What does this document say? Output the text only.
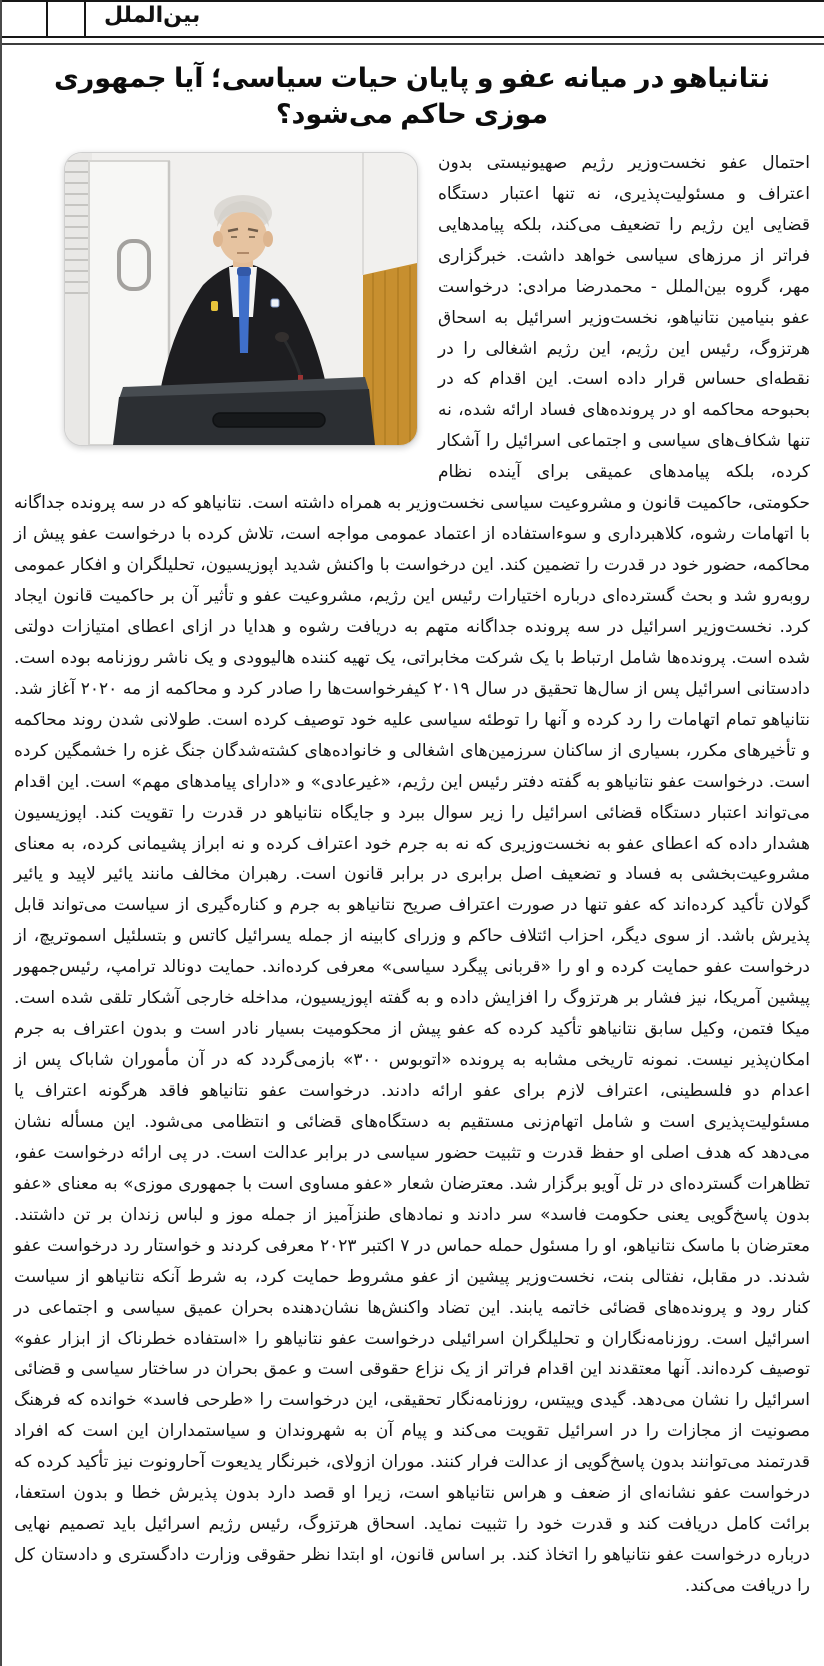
بین‌الملل
نتانیاهو در میانه عفو و پایان حیات سیاسی؛ آیا جمهوری موزی حاکم می‌شود؟
احتمال عفو نخست‌وزیر رژیم صهیونیستی بدون اعتراف و مسئولیت‌پذیری، نه تنها اعتبار دستگاه قضایی این رژیم را تضعیف می‌کند، بلکه پیامدهایی فراتر از مرزهای سیاسی خواهد داشت. خبرگزاری مهر، گروه بین‌الملل - محمدرضا مرادی: درخواست عفو بنیامین نتانیاهو، نخست‌وزیر اسرائیل به اسحاق هرتزوگ، رئیس این رژیم، این رژیم اشغالی را در نقطه‌ای حساس قرار داده است. این اقدام که در بحبوحه محاکمه او در پرونده‌های فساد ارائه شده، نه تنها شکاف‌های سیاسی و اجتماعی اسرائیل را آشکار کرده، بلکه پیامدهای عمیقی برای آینده نظام حکومتی، حاکمیت قانون و مشروعیت سیاسی نخست‌وزیر به همراه داشته است. نتانیاهو که در سه پرونده جداگانه با اتهامات رشوه، کلاهبرداری و سوءاستفاده از اعتماد عمومی مواجه است، تلاش کرده با درخواست عفو پیش از محاکمه، حضور خود در قدرت را تضمین کند. این درخواست با واکنش شدید اپوزیسیون، تحلیلگران و افکار عمومی روبه‌رو شد و بحث گسترده‌ای درباره اختیارات رئیس این رژیم، مشروعیت عفو و تأثیر آن بر حاکمیت قانون ایجاد کرد. نخست‌وزیر اسرائیل در سه پرونده جداگانه متهم به دریافت رشوه و هدایا در ازای اعطای امتیازات دولتی شده است. پرونده‌ها شامل ارتباط با یک شرکت مخابراتی، یک تهیه کننده هالیوودی و یک ناشر روزنامه بوده است. دادستانی اسرائیل پس از سال‌ها تحقیق در سال ۲۰۱۹ کیفرخواست‌ها را صادر کرد و محاکمه از مه ۲۰۲۰ آغاز شد. نتانیاهو تمام اتهامات را رد کرده و آنها را توطئه سیاسی علیه خود توصیف کرده است. طولانی شدن روند محاکمه و تأخیرهای مکرر، بسیاری از ساکنان سرزمین‌های اشغالی و خانواده‌های کشته‌شدگان جنگ غزه را خشمگین کرده است. درخواست عفو نتانیاهو به گفته دفتر رئیس این رژیم، «غیرعادی» و «دارای پیامدهای مهم» است. این اقدام می‌تواند اعتبار دستگاه قضائی اسرائیل را زیر سوال ببرد و جایگاه نتانیاهو در قدرت را تقویت کند. اپوزیسیون هشدار داده که اعطای عفو به نخست‌وزیری که نه به جرم خود اعتراف کرده و نه ابراز پشیمانی کرده، به معنای مشروعیت‌بخشی به فساد و تضعیف اصل برابری در برابر قانون است. رهبران مخالف مانند یائیر لاپید و یائیر گولان تأکید کرده‌اند که عفو تنها در صورت اعتراف صریح نتانیاهو به جرم و کناره‌گیری از سیاست می‌تواند قابل پذیرش باشد. از سوی دیگر، احزاب ائتلاف حاکم و وزرای کابینه از جمله یسرائیل کاتس و بتسلئیل اسموتریچ، از درخواست عفو حمایت کرده و او را «قربانی پیگرد سیاسی» معرفی کرده‌اند. حمایت دونالد ترامپ، رئیس‌جمهور پیشین آمریکا، نیز فشار بر هرتزوگ را افزایش داده و به گفته اپوزیسیون، مداخله خارجی آشکار تلقی شده است. میکا فتمن، وکیل سابق نتانیاهو تأکید کرده که عفو پیش از محکومیت بسیار نادر است و بدون اعتراف به جرم امکان‌پذیر نیست. نمونه تاریخی مشابه به پرونده «اتوبوس ۳۰۰» بازمی‌گردد که در آن مأموران شاباک پس از اعدام دو فلسطینی، اعتراف لازم برای عفو ارائه دادند. درخواست عفو نتانیاهو فاقد هرگونه اعتراف یا مسئولیت‌پذیری است و شامل اتهام‌زنی مستقیم به دستگاه‌های قضائی و انتظامی می‌شود. این مسأله نشان می‌دهد که هدف اصلی او حفظ قدرت و تثبیت حضور سیاسی در برابر عدالت است. در پی ارائه درخواست عفو، تظاهرات گسترده‌ای در تل آویو برگزار شد. معترضان شعار «عفو مساوی است با جمهوری موزی» به معنای «عفو بدون پاسخ‌گویی یعنی حکومت فاسد» سر دادند و نمادهای طنزآمیز از جمله موز و لباس زندان بر تن داشتند. معترضان با ماسک نتانیاهو، او را مسئول حمله حماس در ۷ اکتبر ۲۰۲۳ معرفی کردند و خواستار رد درخواست عفو شدند. در مقابل، نفتالی بنت، نخست‌وزیر پیشین از عفو مشروط حمایت کرد، به شرط آنکه نتانیاهو از سیاست کنار رود و پرونده‌های قضائی خاتمه یابند. این تضاد واکنش‌ها نشان‌دهنده بحران عمیق سیاسی و اجتماعی در اسرائیل است. روزنامه‌نگاران و تحلیلگران اسرائیلی درخواست عفو نتانیاهو را «استفاده خطرناک از ابزار عفو» توصیف کرده‌اند. آنها معتقدند این اقدام فراتر از یک نزاع حقوقی است و عمق بحران در ساختار سیاسی و قضائی اسرائیل را نشان می‌دهد. گیدی وییتس، روزنامه‌نگار تحقیقی، این درخواست را «طرحی فاسد» خوانده که فرهنگ مصونیت از مجازات را در اسرائیل تقویت می‌کند و پیام آن به شهروندان و سیاستمداران این است که افراد قدرتمند می‌توانند بدون پاسخ‌گویی از عدالت فرار کنند. موران ازولای، خبرنگار یدیعوت آحارونوت نیز تأکید کرده که درخواست عفو نشانه‌ای از ضعف و هراس نتانیاهو است، زیرا او قصد دارد بدون پذیرش خطا و بدون استعفا، برائت کامل دریافت کند و قدرت خود را تثبیت نماید. اسحاق هرتزوگ، رئیس رژیم اسرائیل باید تصمیم نهایی درباره درخواست عفو نتانیاهو را اتخاذ کند. بر اساس قانون، او ابتدا نظر حقوقی وزارت دادگستری و دادستان کل را دریافت می‌کند.
